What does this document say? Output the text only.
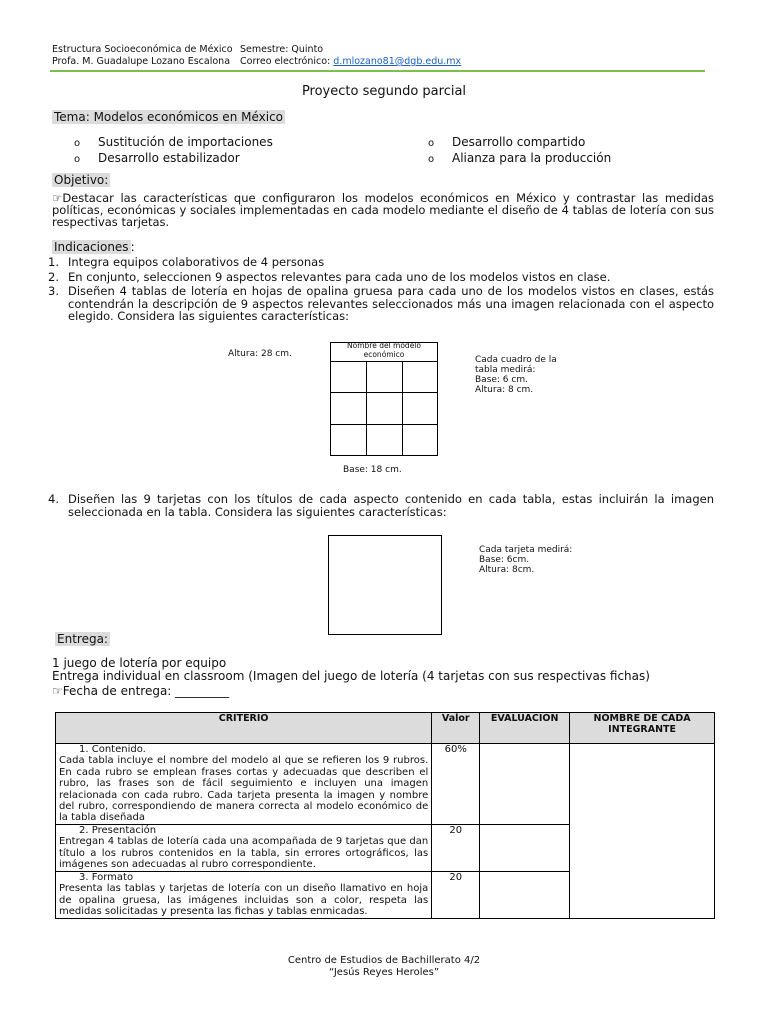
Estructura Socioeconómica de México
Profa. M. Guadalupe Lozano Escalona
Semestre: Quinto
Correo electrónico: d.mlozano81@dgb.edu.mx
Proyecto segundo parcial
Tema: Modelos económicos en México
o Sustitución de importaciones
o Desarrollo estabilizador
o Desarrollo compartido
o Alianza para la producción
Objetivo:
☞Destacar las características que configuraron los modelos económicos en México y contrastar las medidas políticas, económicas y sociales implementadas en cada modelo mediante el diseño de 4 tablas de lotería con sus respectivas tarjetas.
Indicaciones :
1. Integra equipos colaborativos de 4 personas
2. En conjunto, seleccionen 9 aspectos relevantes para cada uno de los modelos vistos en clase.
3. Diseñen 4 tablas de lotería en hojas de opalina gruesa para cada uno de los modelos vistos en clases, estás contendrán la descripción de 9 aspectos relevantes seleccionados más una imagen relacionada con el aspecto elegido. Considera las siguientes características:
Altura: 28 cm.
Nombre del modelo económico
Base: 18 cm.
Cada cuadro de la
tabla medirá:
Base: 6 cm.
Altura: 8 cm.
4. Diseñen las 9 tarjetas con los títulos de cada aspecto contenido en cada tabla, estas incluirán la imagen seleccionada en la tabla. Considera las siguientes características:
Cada tarjeta medirá:
Base: 6cm.
Altura: 8cm.
Entrega:
1 juego de lotería por equipo
Entrega individual en classroom (Imagen del juego de lotería (4 tarjetas con sus respectivas fichas)
☞Fecha de entrega: _________
CRITERIO	Valor	EVALUACION	NOMBRE DE CADA INTEGRANTE

1. Contenido.
Cada tabla incluye el nombre del modelo al que se refieren los 9 rubros. En cada rubro se emplean frases cortas y adecuadas que describen el rubro, las frases son de fácil seguimiento e incluyen una imagen relacionada con cada rubro. Cada tarjeta presenta la imagen y nombre del rubro, correspondiendo de manera correcta al modelo económico de la tabla diseñada	60%		

2. Presentación
Entregan 4 tablas de lotería cada una acompañada de 9 tarjetas que dan título a los rubros contenidos en la tabla, sin errores ortográficos, las imágenes son adecuadas al rubro correspondiente.	20		

3. Formato
Presenta las tablas y tarjetas de lotería con un diseño llamativo en hoja de opalina gruesa, las imágenes incluidas son a color, respeta las medidas solicitadas y presenta las fichas y tablas enmicadas.	20		
Centro de Estudios de Bachillerato 4/2
“Jesús Reyes Heroles”
